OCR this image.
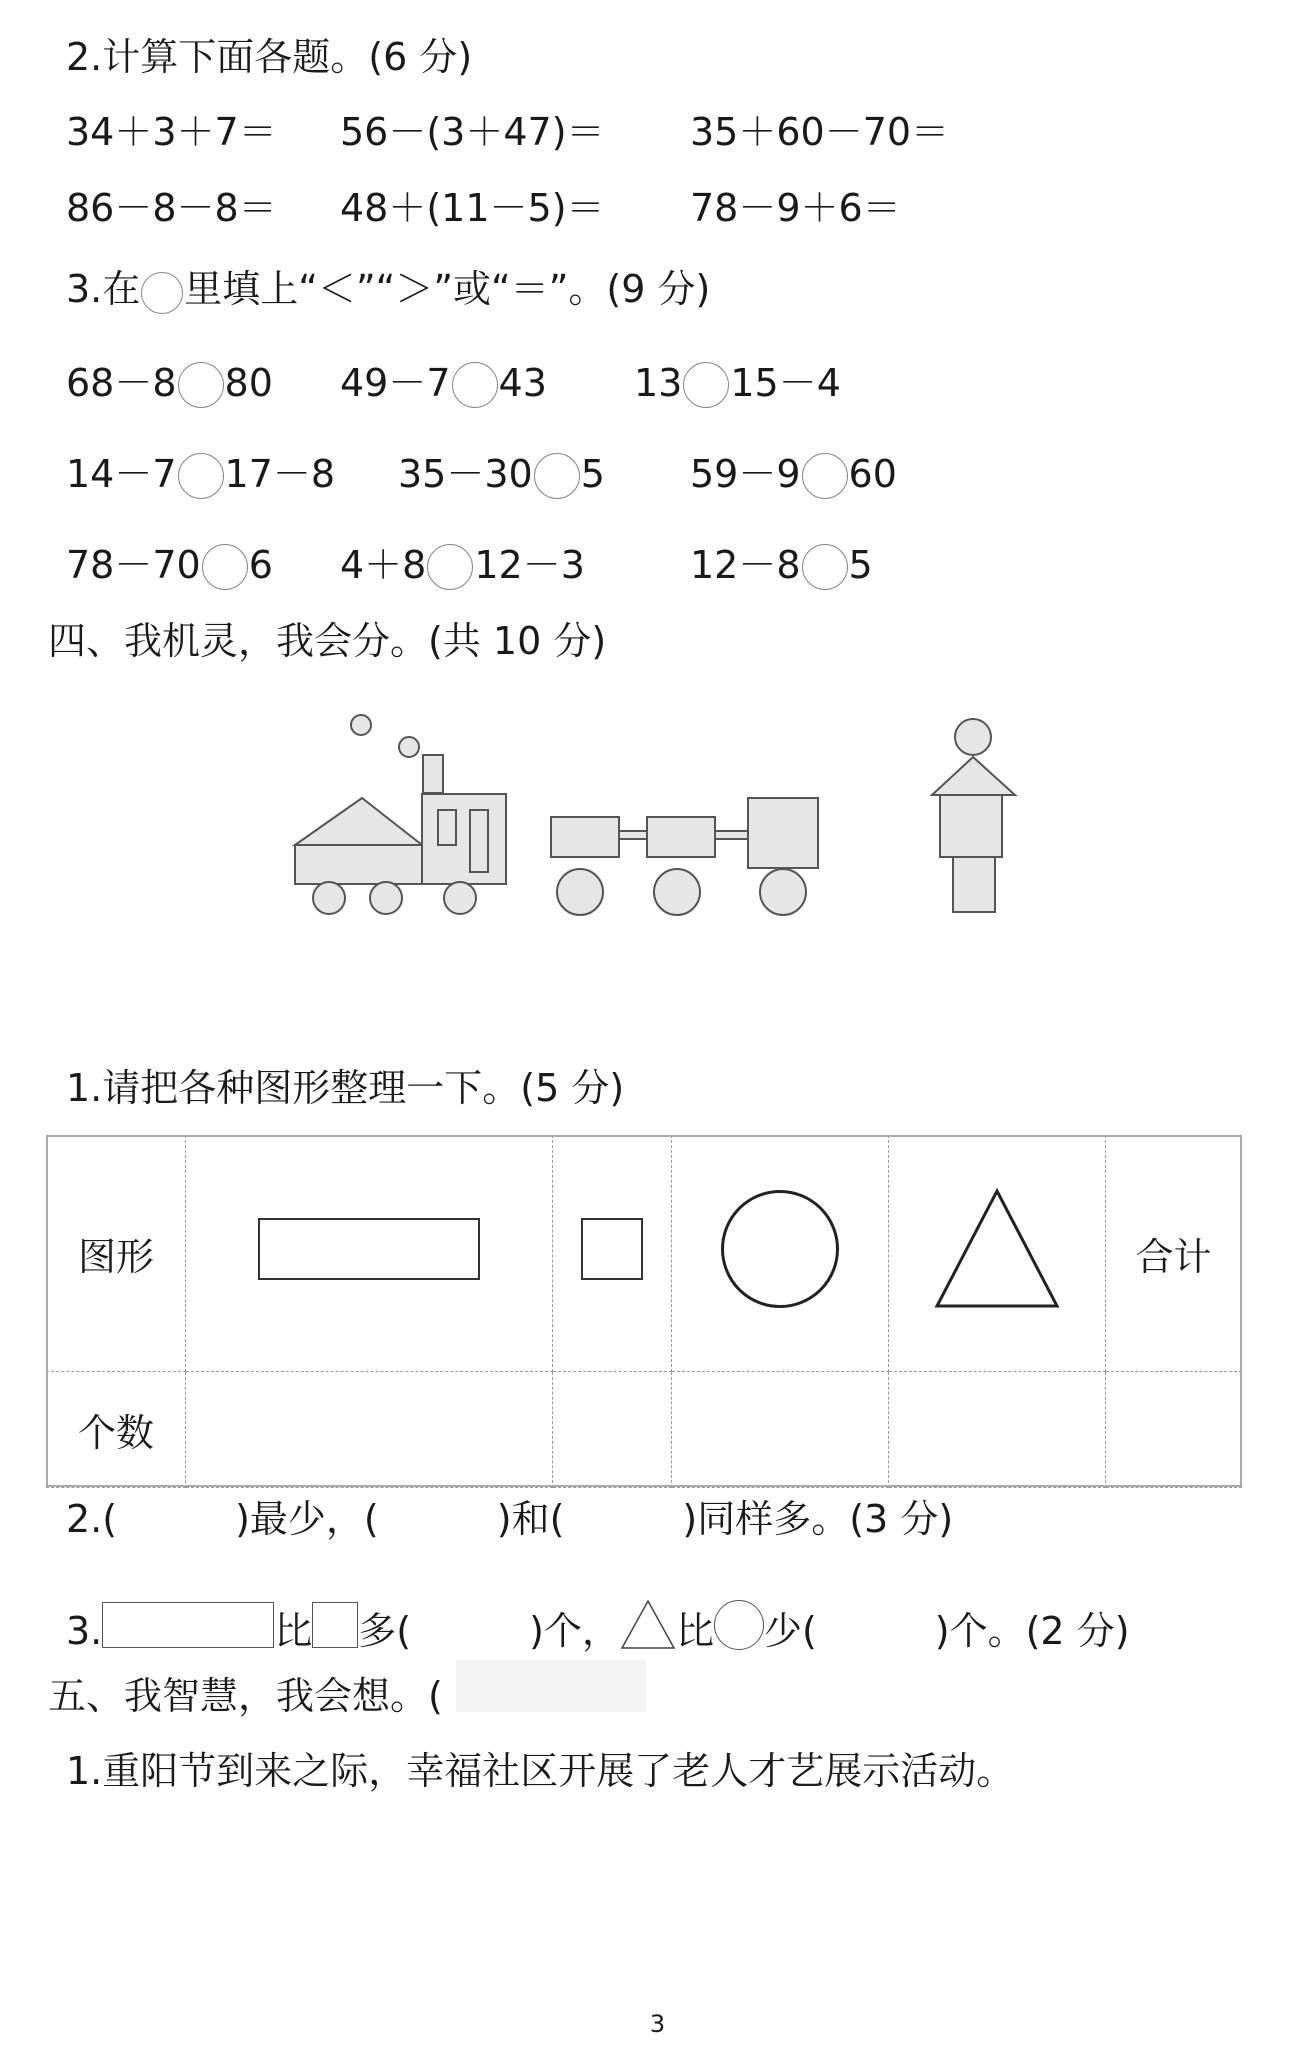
2.计算下面各题。(6 分)
34＋3＋7＝ 56－(3＋47)＝ 35＋60－70＝
86－8－8＝ 48＋(11－5)＝ 78－9＋6＝
3.在 里填上“＜”“＞”或“＝”。(9 分)
68－8 80 49－7 43 13 15－4
14－7 17－8 35－30 5 59－9 60
78－70 6 4＋8 12－3	12－8 5
四、我机灵，我会分。(共 10 分)
1.请把各种图形整理一下。(5 分)
图形					合计
个数					
2.(	)最少，(	)和(	)同样多。(3 分)
3.	比 多(	)个， 比 少(	)个。(2 分)
五、我智慧，我会想。(
1.重阳节到来之际，幸福社区开展了老人才艺展示活动。
3
